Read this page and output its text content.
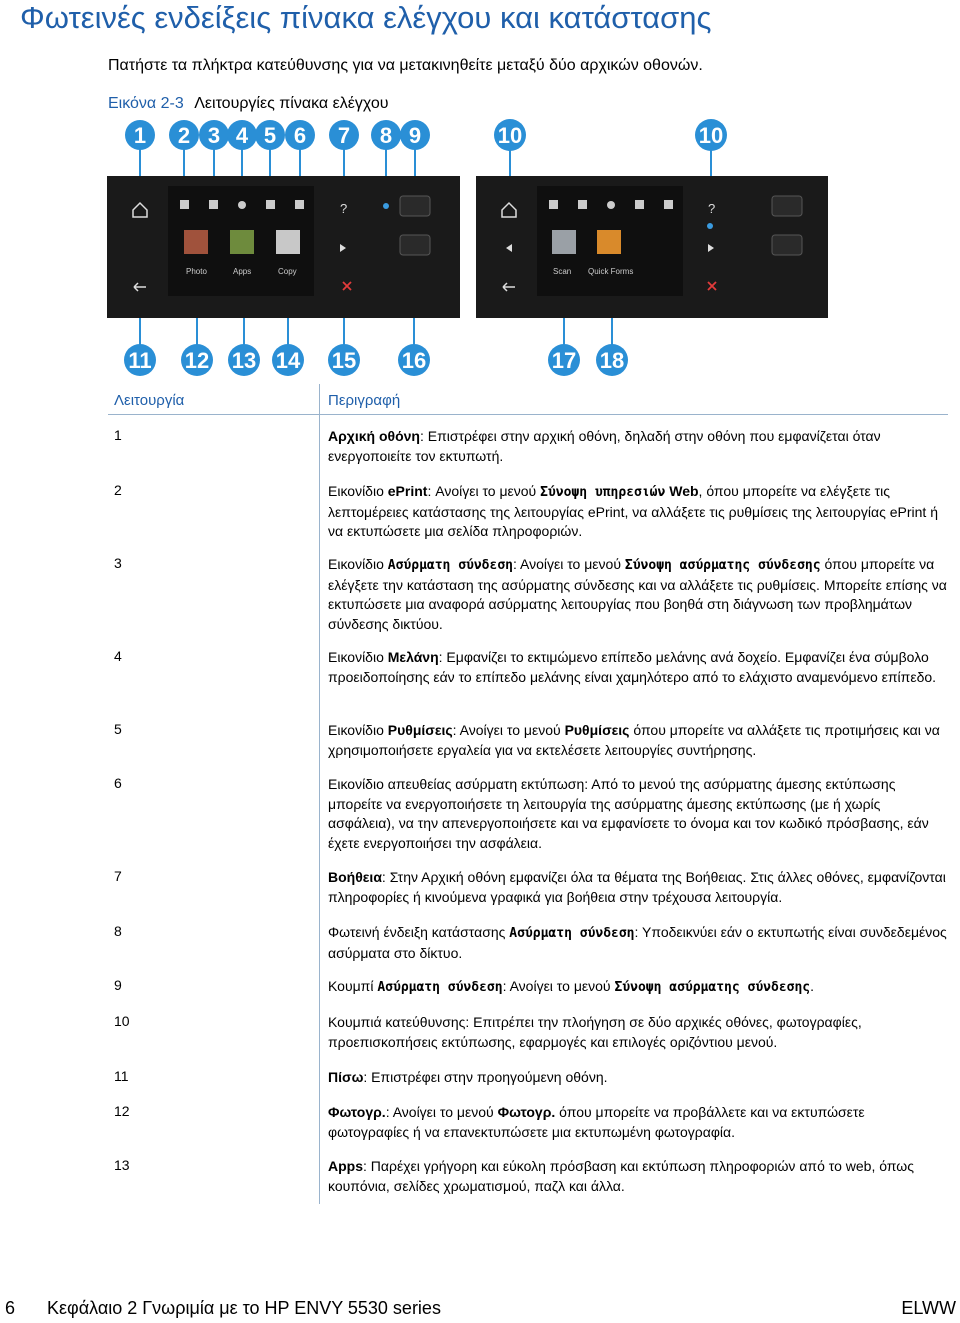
Φωτεινές ενδείξεις πίνακα ελέγχου και κατάστασης
Πατήστε τα πλήκτρα κατεύθυνσης για να μετακινηθείτε μεταξύ δύο αρχικών οθονών.
Εικόνα 2-3 Λειτουργίες πίνακα ελέγχου
?
Photo	Apps	Copy
?
Scan Quick Forms
1 2 3 4 5 6 7 8 9	10	10
11 12 13 14 15 16	17 18
Λειτουργία	Περιγραφή
1	Αρχική οθόνη: Επιστρέφει στην αρχική οθόνη, δηλαδή στην οθόνη που εμφανίζεται όταν ενεργοποιείτε τον εκτυπωτή.
2	Εικονίδιο ePrint: Ανοίγει το μενού Σύνοψη υπηρεσιών Web, όπου μπορείτε να ελέγξετε τις λεπτομέρειες κατάστασης της λειτουργίας ePrint, να αλλάξετε τις ρυθμίσεις της λειτουργίας ePrint ή να εκτυπώσετε μια σελίδα πληροφοριών.
3	Εικονίδιο Ασύρματη σύνδεση: Ανοίγει το μενού Σύνοψη ασύρματης σύνδεσης όπου μπορείτε να ελέγξετε την κατάσταση της ασύρματης σύνδεσης και να αλλάξετε τις ρυθμίσεις. Μπορείτε επίσης να εκτυπώσετε μια αναφορά ασύρματης λειτουργίας που βοηθά στη διάγνωση των προβλημάτων σύνδεσης δικτύου.
4	Εικονίδιο Μελάνη: Εμφανίζει το εκτιμώμενο επίπεδο μελάνης ανά δοχείο. Εμφανίζει ένα σύμβολο προειδοποίησης εάν το επίπεδο μελάνης είναι χαμηλότερο από το ελάχιστο αναμενόμενο επίπεδο.
5	Εικονίδιο Ρυθμίσεις: Ανοίγει το μενού Ρυθμίσεις όπου μπορείτε να αλλάξετε τις προτιμήσεις και να χρησιμοποιήσετε εργαλεία για να εκτελέσετε λειτουργίες συντήρησης.
6	Εικονίδιο απευθείας ασύρματη εκτύπωση: Από το μενού της ασύρματης άμεσης εκτύπωσης μπορείτε να ενεργοποιήσετε τη λειτουργία της ασύρματης άμεσης εκτύπωσης (με ή χωρίς ασφάλεια), να την απενεργοποιήσετε και να εμφανίσετε το όνομα και τον κωδικό πρόσβασης, εάν έχετε ενεργοποιήσει την ασφάλεια.
7	Βοήθεια: Στην Αρχική οθόνη εμφανίζει όλα τα θέματα της Βοήθειας. Στις άλλες οθόνες, εμφανίζονται πληροφορίες ή κινούμενα γραφικά για βοήθεια στην τρέχουσα λειτουργία.
8	Φωτεινή ένδειξη κατάστασης Ασύρματη σύνδεση: Υποδεικνύει εάν ο εκτυπωτής είναι συνδεδεμένος ασύρματα στο δίκτυο.
9	Κουμπί Ασύρματη σύνδεση: Ανοίγει το μενού Σύνοψη ασύρματης σύνδεσης.
10	Κουμπιά κατεύθυνσης: Επιτρέπει την πλοήγηση σε δύο αρχικές οθόνες, φωτογραφίες, προεπισκοπήσεις εκτύπωσης, εφαρμογές και επιλογές οριζόντιου μενού.
11	Πίσω: Επιστρέφει στην προηγούμενη οθόνη.
12	Φωτογρ.: Ανοίγει το μενού Φωτογρ. όπου μπορείτε να προβάλλετε και να εκτυπώσετε φωτογραφίες ή να επανεκτυπώσετε μια εκτυπωμένη φωτογραφία.
13	Apps: Παρέχει γρήγορη και εύκολη πρόσβαση και εκτύπωση πληροφοριών από το web, όπως κουπόνια, σελίδες χρωματισμού, παζλ και άλλα.
6 Κεφάλαιο 2 Γνωριμία με το HP ENVY 5530 series	ELWW
